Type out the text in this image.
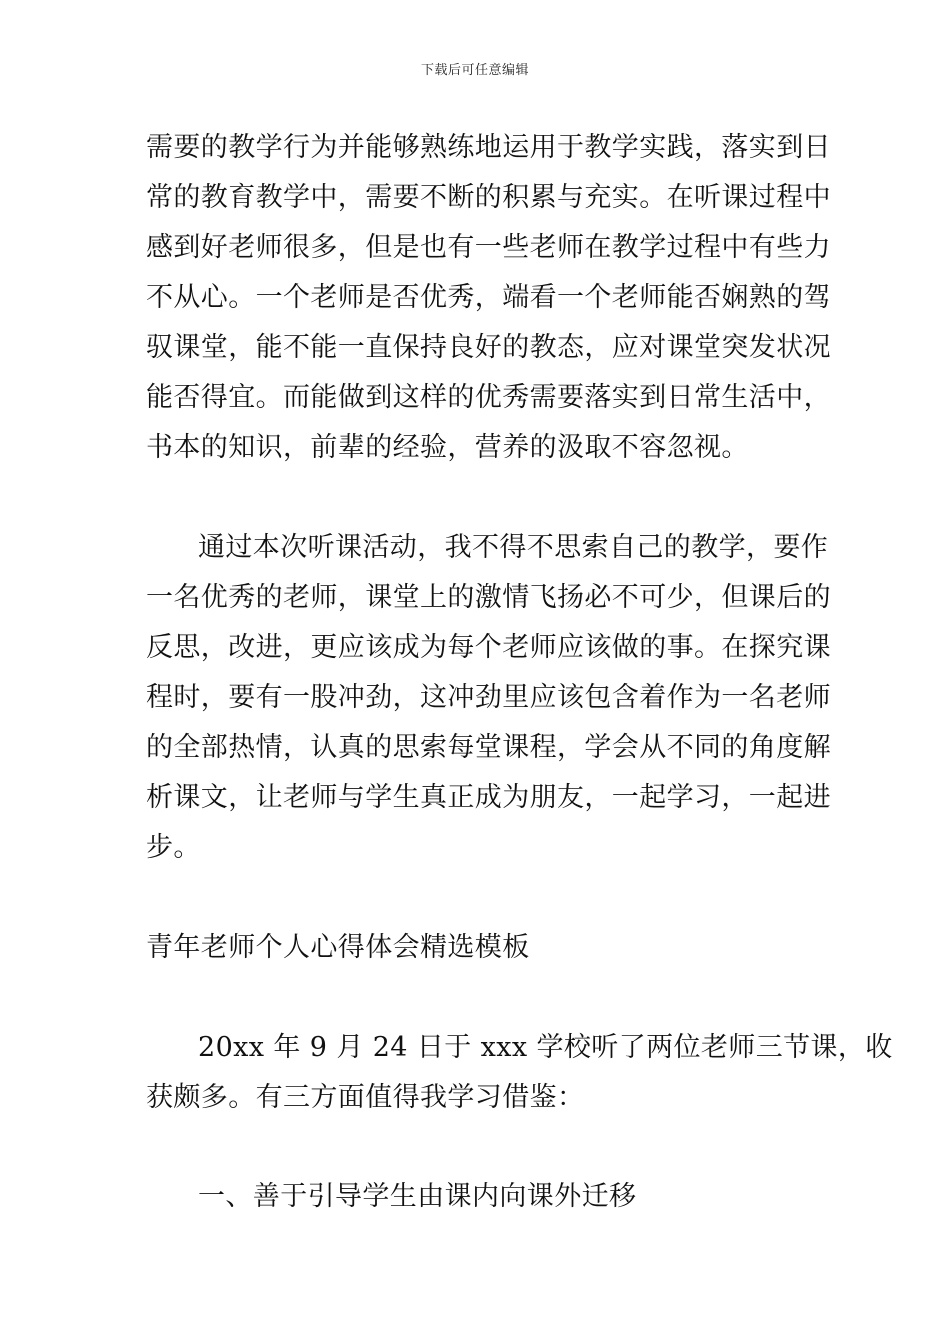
下载后可任意编辑
需要的教学行为并能够熟练地运用于教学实践，落实到日
常的教育教学中，需要不断的积累与充实。在听课过程中
感到好老师很多，但是也有一些老师在教学过程中有些力
不从心。一个老师是否优秀，端看一个老师能否娴熟的驾
驭课堂，能不能一直保持良好的教态，应对课堂突发状况
能否得宜。而能做到这样的优秀需要落实到日常生活中，
书本的知识，前辈的经验，营养的汲取不容忽视。
通过本次听课活动，我不得不思索自己的教学，要作
一名优秀的老师，课堂上的激情飞扬必不可少，但课后的
反思，改进，更应该成为每个老师应该做的事。在探究课
程时，要有一股冲劲，这冲劲里应该包含着作为一名老师
的全部热情，认真的思索每堂课程，学会从不同的角度解
析课文，让老师与学生真正成为朋友，一起学习，一起进
步。
青年老师个人心得体会精选模板
20xx 年 9 月 24 日于 xxx 学校听了两位老师三节课，收
获颇多。有三方面值得我学习借鉴：
一、善于引导学生由课内向课外迁移
